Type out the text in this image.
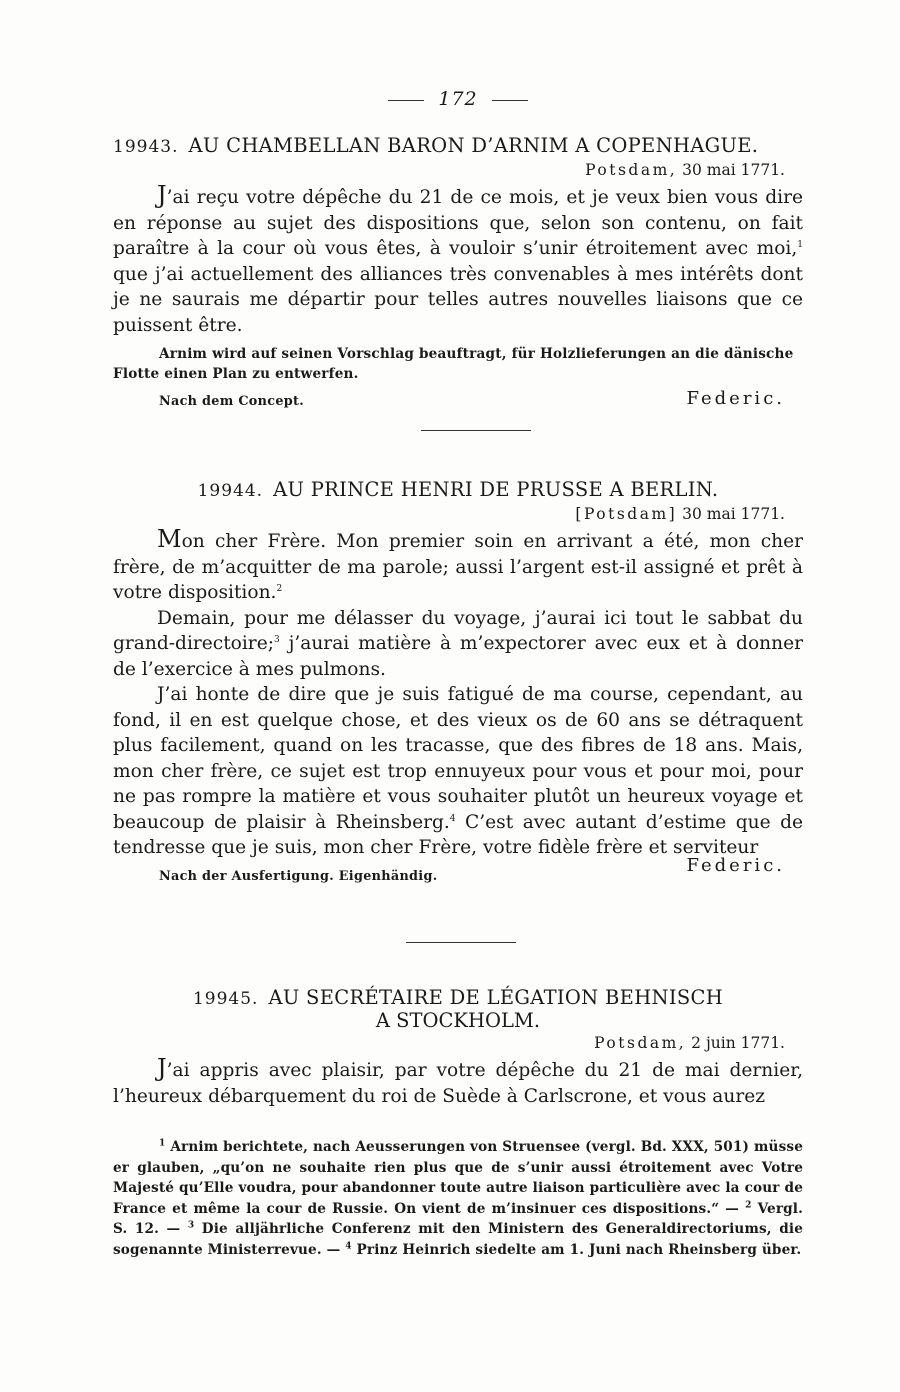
172
19943. AU CHAMBELLAN BARON D’ARNIM A COPENHAGUE.
Potsdam, 30 mai 1771.

J’ai reçu votre dépêche du 21 de ce mois, et je veux bien vous dire en réponse au sujet des dispositions que, selon son contenu, on fait paraître à la cour où vous êtes, à vouloir s’unir étroitement avec moi,$^1$ que j’ai actuellement des alliances très convenables à mes intérêts dont je ne saurais me départir pour telles autres nouvelles liaisons que ce puissent être.

Arnim wird auf seinen Vorschlag beauftragt, für Holzlieferungen an die dänische Flotte einen Plan zu entwerfen.
Nach dem Concept.	Federic.
19944. AU PRINCE HENRI DE PRUSSE A BERLIN.
[Potsdam] 30 mai 1771.

Mon cher Frère. Mon premier soin en arrivant a été, mon cher frère, de m’acquitter de ma parole; aussi l’argent est-il assigné et prêt à votre disposition.$^2$

Demain, pour me délasser du voyage, j’aurai ici tout le sabbat du grand-directoire;$^3$ j’aurai matière à m’expectorer avec eux et à donner de l’exercice à mes pulmons.

J’ai honte de dire que je suis fatigué de ma course, cependant, au fond, il en est quelque chose, et des vieux os de 60 ans se détraquent plus facilement, quand on les tracasse, que des fibres de 18 ans. Mais, mon cher frère, ce sujet est trop ennuyeux pour vous et pour moi, pour ne pas rompre la matière et vous souhaiter plutôt un heureux voyage et beaucoup de plaisir à Rheinsberg.$^4$ C’est avec autant d’estime que de tendresse que je suis, mon cher Frère, votre fidèle frère et serviteur

Federic.
Nach der Ausfertigung. Eigenhändig.
19945. AU SECRÉTAIRE DE LÉGATION BEHNISCH
A STOCKHOLM.
Potsdam, 2 juin 1771.

J’ai appris avec plaisir, par votre dépêche du 21 de mai dernier, l’heureux débarquement du roi de Suède à Carlscrone, et vous aurez

$^1$ Arnim berichtete, nach Aeusserungen von Struensee (vergl. Bd. XXX, 501) müsse er glauben, „qu’on ne souhaite rien plus que de s’unir aussi étroitement avec Votre Majesté qu’Elle voudra, pour abandonner toute autre liaison particulière avec la cour de France et même la cour de Russie. On vient de m’insinuer ces dispositions.“ — $^2$ Vergl. S. 12. — $^3$ Die alljährliche Conferenz mit den Ministern des Generaldirectoriums, die sogenannte Ministerrevue. — $^4$ Prinz Heinrich siedelte am 1. Juni nach Rheinsberg über.
